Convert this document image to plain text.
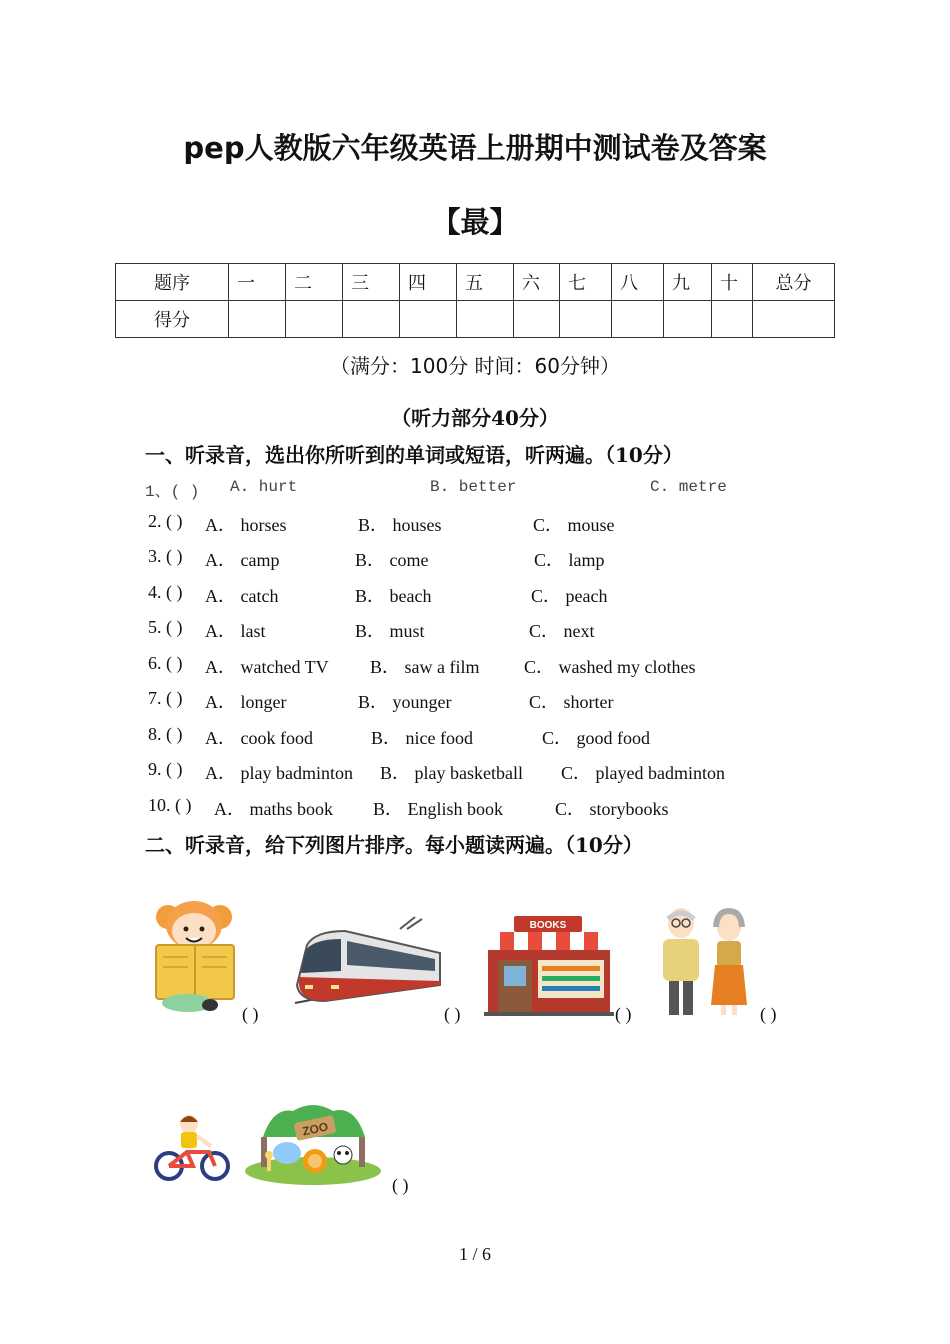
pep人教版六年级英语上册期中测试卷及答案
【最】
题序	一	二	三	四	五	六	七	八	九	十	总分
得分											
（满分：100分 时间：60分钟）
（听力部分40分）
一、听录音，选出你所听到的单词或短语，听两遍。（10分）
1、( ) A. hurt	B. better	C. metre
2. ( ) A． horses	B． houses	C． mouse
3. ( ) A． camp	B． come	C． lamp
4. ( ) A． catch	B． beach	C． peach
5. ( ) A． last	B． must	C． next
6. ( ) A． watched TV B． saw a film C． washed my clothes
7. ( ) A． longer	B． younger	C． shorter
8. ( ) A． cook food	B． nice food	C． good food
9. ( ) A． play badminton B． play basketball C． played badminton
10. ( ) A． maths book B． English book	C． storybooks
二、听录音，给下列图片排序。每小题读两遍。（10分）
( )	( )
BOOKS
( )	( )
ZOO
( )
1 / 6
